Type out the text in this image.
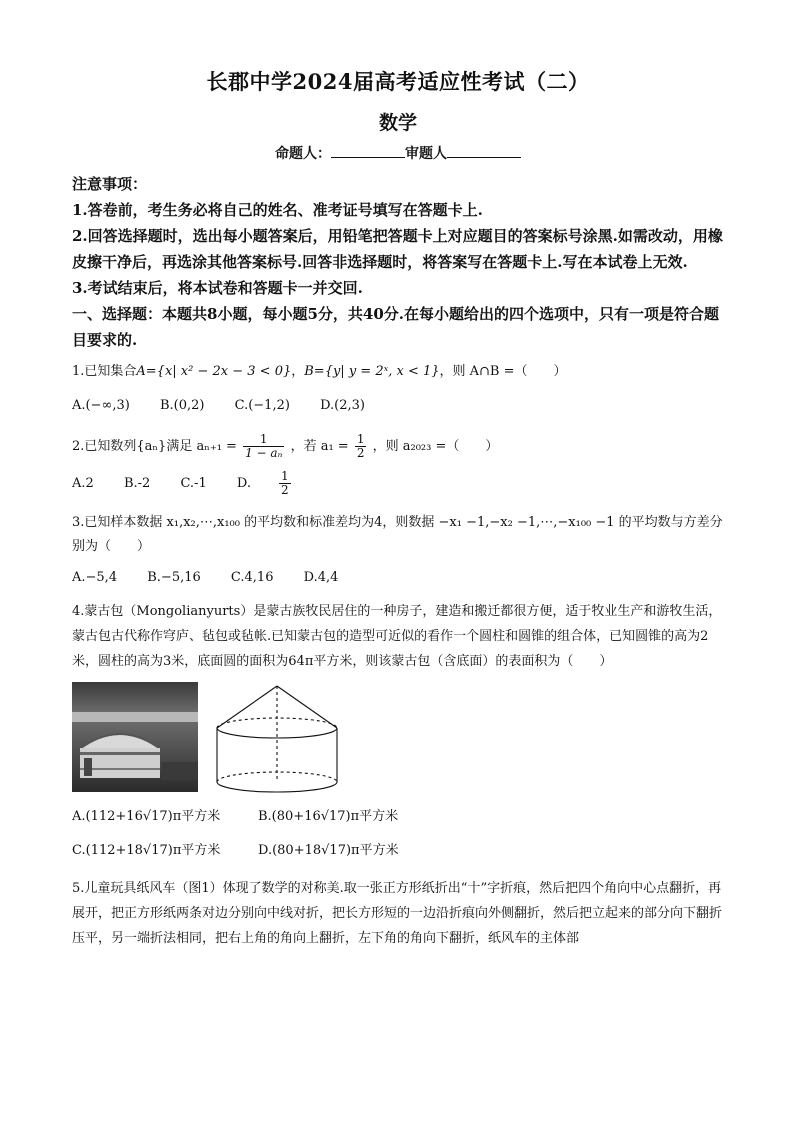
长郡中学2024届高考适应性考试（二）
数学
命题人：	审题人
注意事项：
1.答卷前，考生务必将自己的姓名、准考证号填写在答题卡上.
2.回答选择题时，选出每小题答案后，用铅笔把答题卡上对应题目的答案标号涂黑.如需改动，用橡皮擦干净后，再选涂其他答案标号.回答非选择题时，将答案写在答题卡上.写在本试卷上无效.
3.考试结束后，将本试卷和答题卡一并交回.
一、选择题：本题共8小题，每小题5分，共40分.在每小题给出的四个选项中，只有一项是符合题目要求的.
1.已知集合A={x| x² − 2x − 3 < 0}，B={y| y = 2ˣ, x < 1}，则 A∩B =（　　）
A.(−∞,3) B.(0,2) C.(−1,2) D.(2,3)
2.已知数列{aₙ}满足 $a_{n+1} = \frac{1}{\text{1 − aₙ}}$ ，若 $a_1 = \frac{1}{2}$ ，则 a₂₀₂₃ =（　　）
A.2 B.-2 C.-1 D. $\frac{1}{2}$
3.已知样本数据 x₁,x₂,⋯,x₁₀₀ 的平均数和标准差均为4，则数据 −x₁ −1,−x₂ −1,⋯,−x₁₀₀ −1 的平均数与方差分别为（　　）
A.−5,4 B.−5,16 C.4,16 D.4,4
4.蒙古包（Mongolianyurts）是蒙古族牧民居住的一种房子，建造和搬迁都很方便，适于牧业生产和游牧生活，蒙古包古代称作穹庐、毡包或毡帐.已知蒙古包的造型可近似的看作一个圆柱和圆锥的组合体，已知圆锥的高为2米，圆柱的高为3米，底面圆的面积为64π平方米，则该蒙古包（含底面）的表面积为（　　）
A.(112+16√17)π平方米	B.(80+16√17)π平方米
C.(112+18√17)π平方米	D.(80+18√17)π平方米
5.儿童玩具纸风车（图1）体现了数学的对称美.取一张正方形纸折出“十”字折痕，然后把四个角向中心点翻折，再展开，把正方形纸两条对边分别向中线对折，把长方形短的一边沿折痕向外侧翻折，然后把立起来的部分向下翻折压平，另一端折法相同，把右上角的角向上翻折，左下角的角向下翻折，纸风车的主体部
